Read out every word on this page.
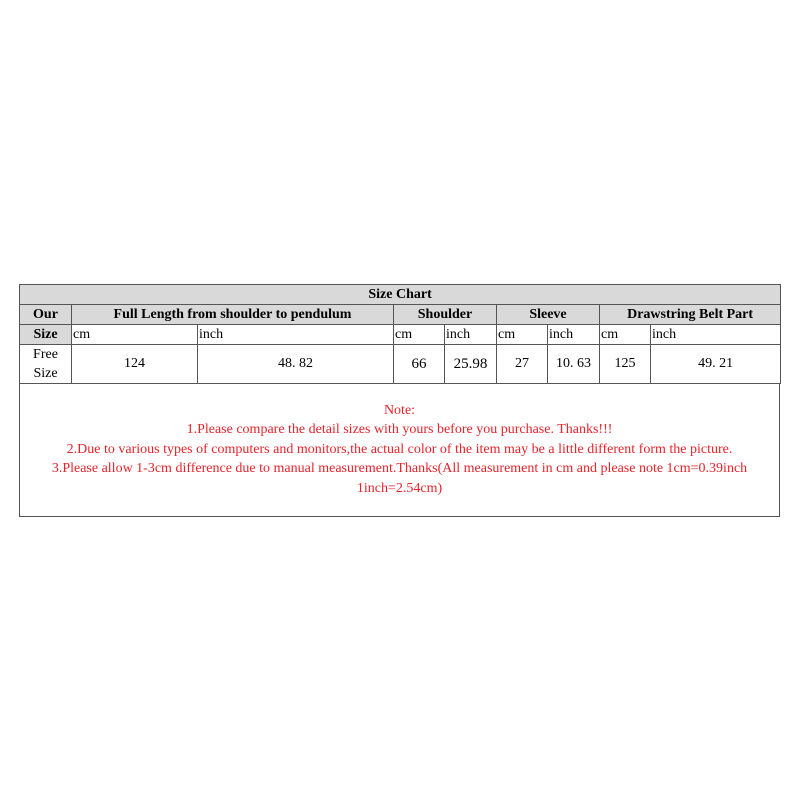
Size Chart								
Our	Full Length from shoulder to pendulum		Shoulder		Sleeve		Drawstring Belt Part	
Size	cm	inch	cm	inch	cm	inch	cm	inch
Free
Size	124	48. 82	66	25.98	27	10. 63	125	49. 21
Note:
1.Please compare the detail sizes with yours before you purchase. Thanks!!!
2.Due to various types of computers and monitors,the actual color of the item may be a little different form the picture.
3.Please allow 1-3cm difference due to manual measurement.Thanks(All measurement in cm and please note 1cm=0.39inch
1inch=2.54cm)
